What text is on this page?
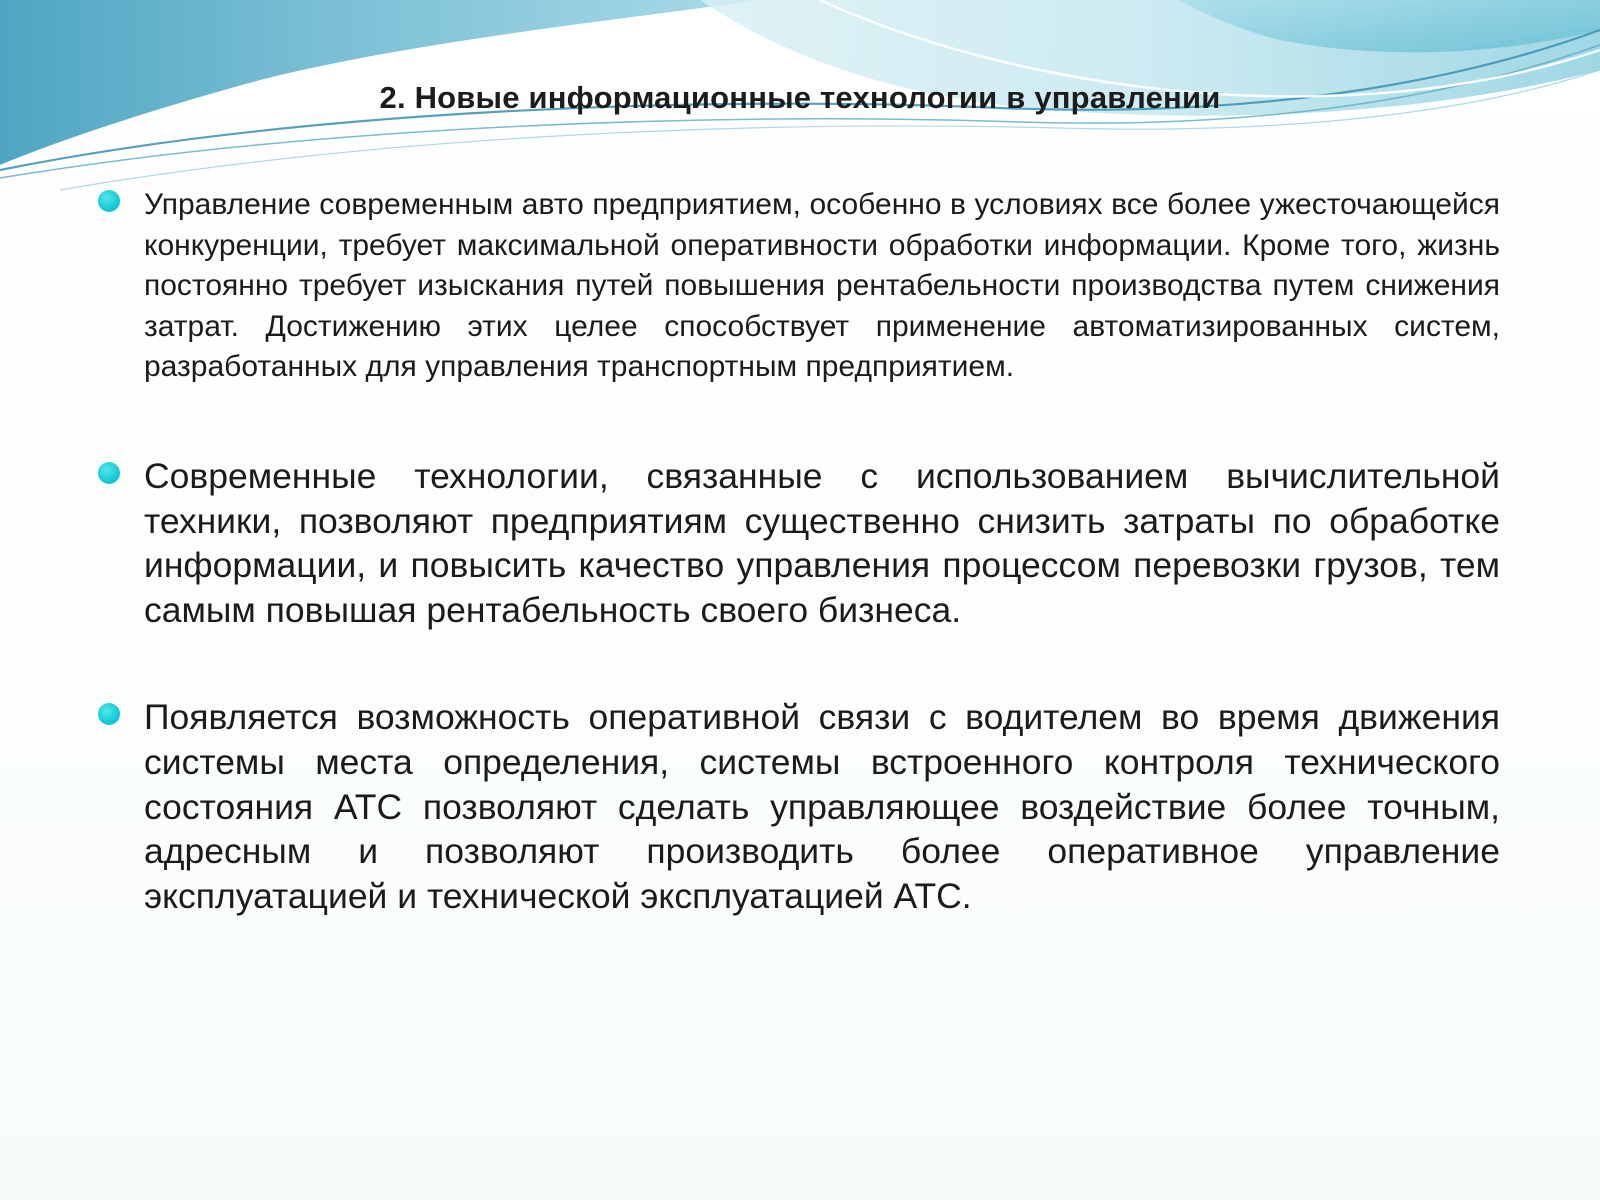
2. Новые информационные технологии в управлении
Управление современным авто предприятием, особенно в условиях все более ужесточающейся конкуренции, требует максимальной оперативности обработки информации. Кроме того, жизнь постоянно требует изыскания путей повышения рентабельности производства путем снижения затрат. Достижению этих целее способствует применение автоматизированных систем, разработанных для управления транспортным предприятием.
Современные технологии, связанные с использованием вычислительной техники, позволяют предприятиям существенно снизить затраты по обработке информации, и повысить качество управления процессом перевозки грузов, тем самым повышая рентабельность своего бизнеса.
Появляется возможность оперативной связи с водителем во время движения системы места определения, системы встроенного контроля технического состояния АТС позволяют сделать управляющее воздействие более точным, адресным и позволяют производить более оперативное управление эксплуатацией и технической эксплуатацией АТС.
